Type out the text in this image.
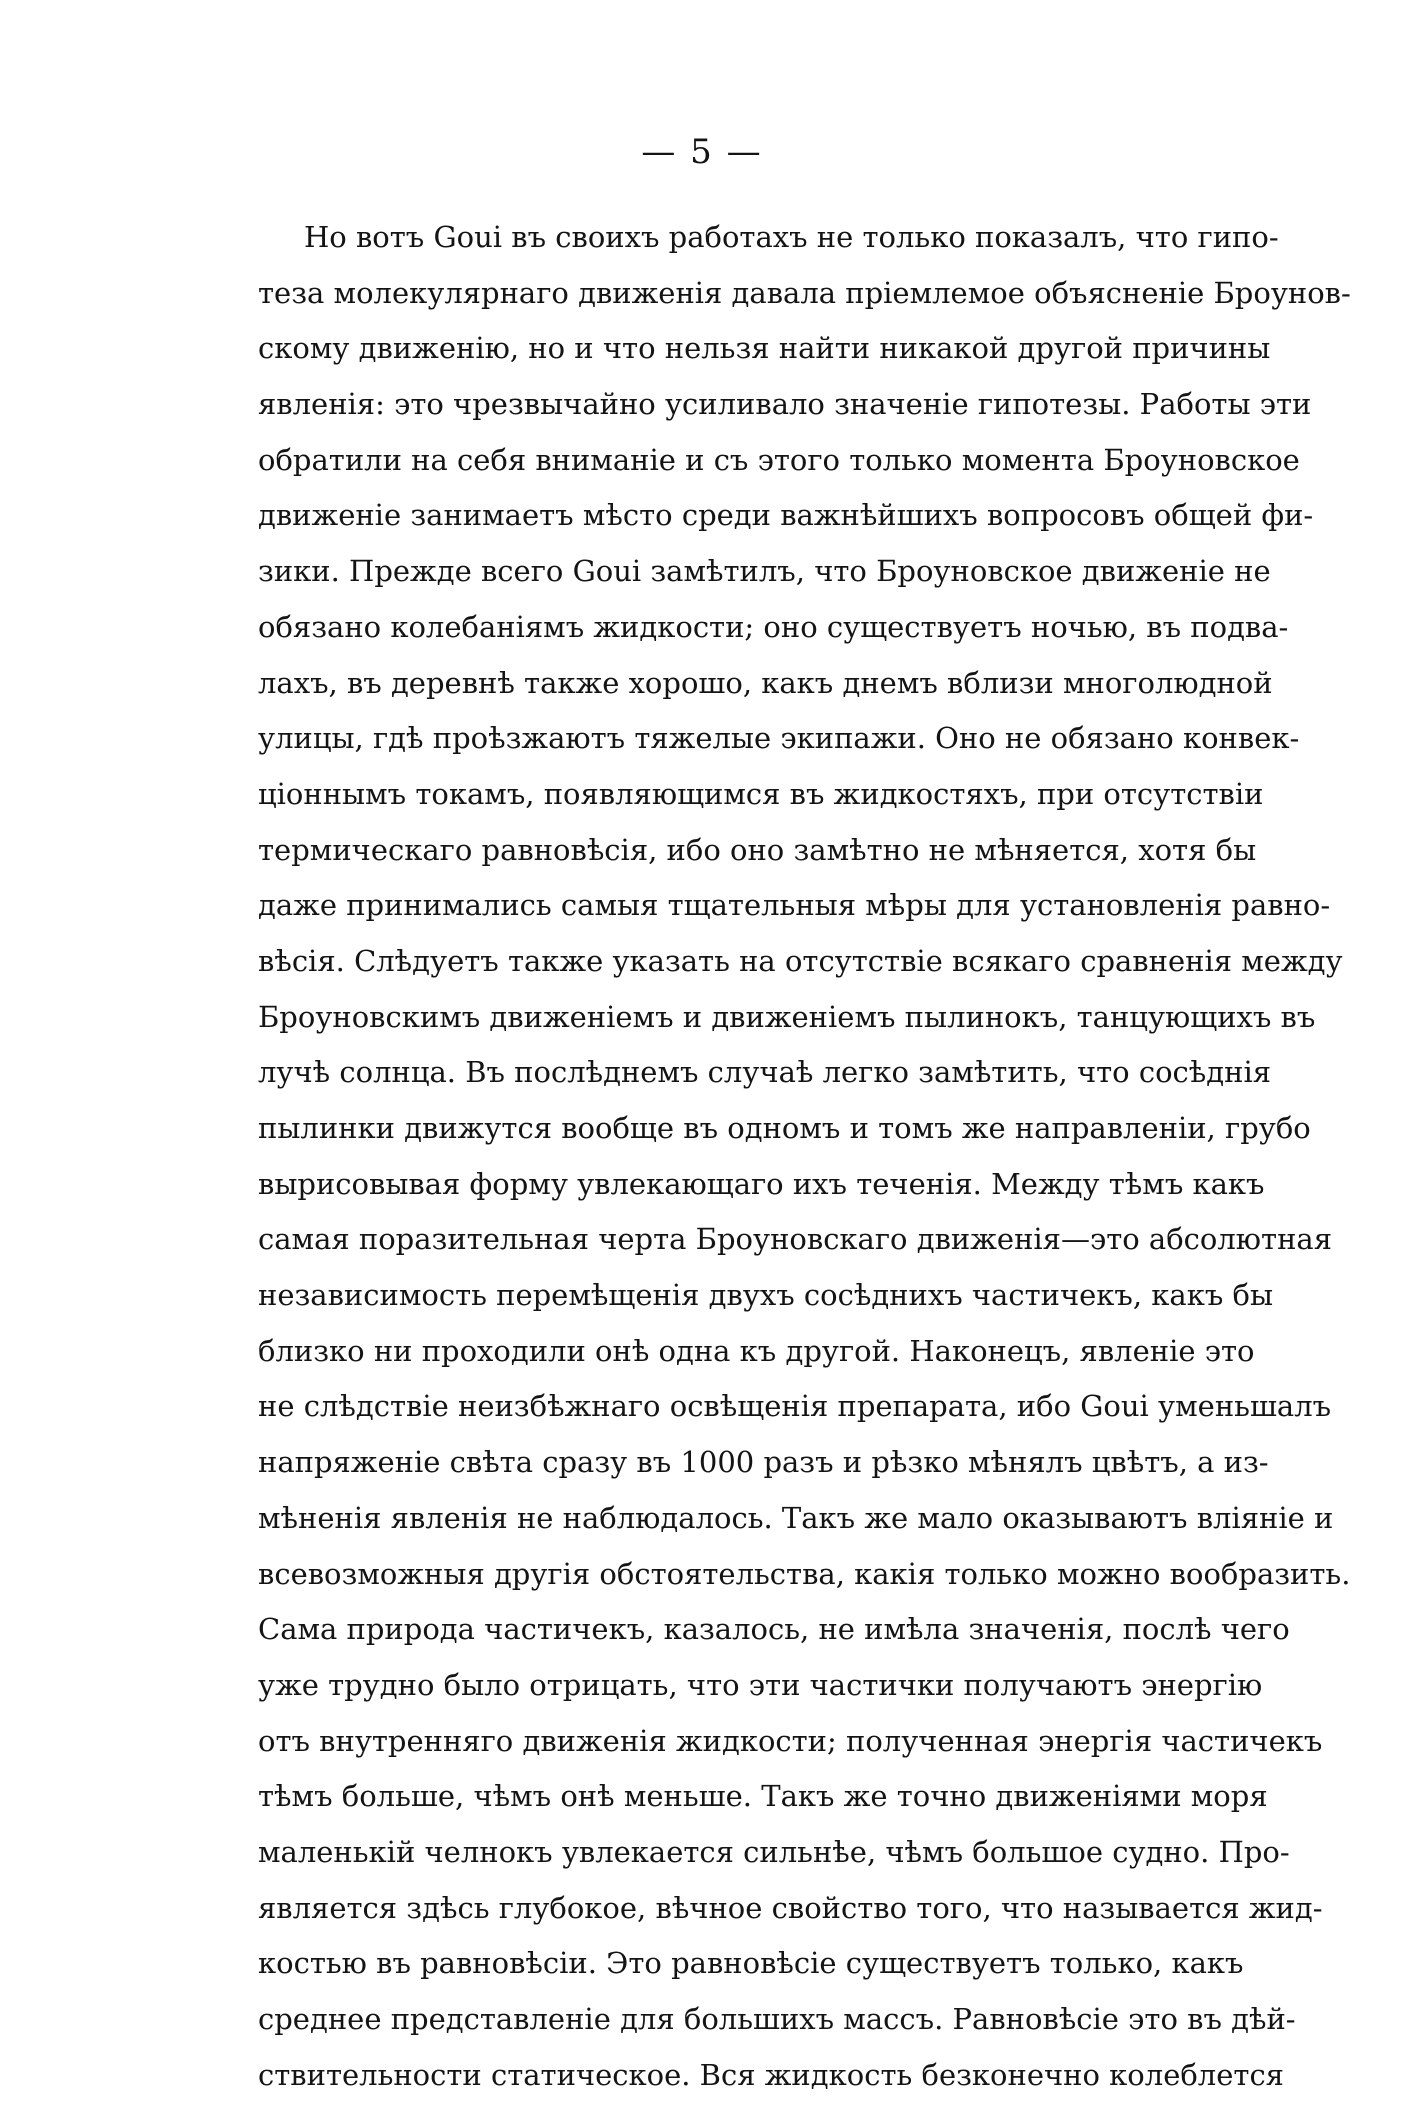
— 5 —
Но вотъ Gouі въ своихъ работахъ не только показалъ, что гипо-
теза молекулярнаго движенія давала пріемлемое объясненіе Броунов-
скому движенію, но и что нельзя найти никакой другой причины
явленія: это чрезвычайно усиливало значеніе гипотезы. Работы эти
обратили на себя вниманіе и съ этого только момента Броуновское
движеніе занимаетъ мѣсто среди важнѣйшихъ вопросовъ общей фи-
зики. Прежде всего Gouі замѣтилъ, что Броуновское движеніе не
обязано колебаніямъ жидкости; оно существуетъ ночью, въ подва-
лахъ, въ деревнѣ также хорошо, какъ днемъ вблизи многолюдной
улицы, гдѣ проѣзжаютъ тяжелые экипажи. Оно не обязано конвек-
ціоннымъ токамъ, появляющимся въ жидкостяхъ, при отсутствіи
термическаго равновѣсія, ибо оно замѣтно не мѣняется, хотя бы
даже принимались самыя тщательныя мѣры для установленія равно-
вѣсія. Слѣдуетъ также указать на отсутствіе всякаго сравненія между
Броуновскимъ движеніемъ и движеніемъ пылинокъ, танцующихъ въ
лучѣ солнца. Въ послѣднемъ случаѣ легко замѣтить, что сосѣднія
пылинки движутся вообще въ одномъ и томъ же направленіи, грубо
вырисовывая форму увлекающаго ихъ теченія. Между тѣмъ какъ
самая поразительная черта Броуновскаго движенія—это абсолютная
независимость перемѣщенія двухъ сосѣднихъ частичекъ, какъ бы
близко ни проходили онѣ одна къ другой. Наконецъ, явленіе это
не слѣдствіе неизбѣжнаго освѣщенія препарата, ибо Gouі уменьшалъ
напряженіе свѣта сразу въ 1000 разъ и рѣзко мѣнялъ цвѣтъ, а из-
мѣненія явленія не наблюдалось. Такъ же мало оказываютъ вліяніе и
всевозможныя другія обстоятельства, какія только можно вообразить.
Сама природа частичекъ, казалось, не имѣла значенія, послѣ чего
уже трудно было отрицать, что эти частички получаютъ энергію
отъ внутренняго движенія жидкости; полученная энергія частичекъ
тѣмъ больше, чѣмъ онѣ меньше. Такъ же точно движеніями моря
маленькій челнокъ увлекается сильнѣе, чѣмъ большое судно. Про-
является здѣсь глубокое, вѣчное свойство того, что называется жид-
костью въ равновѣсіи. Это равновѣсіе существуетъ только, какъ
среднее представленіе для большихъ массъ. Равновѣсіе это въ дѣй-
ствительности статическое. Вся жидкость безконечно колеблется
